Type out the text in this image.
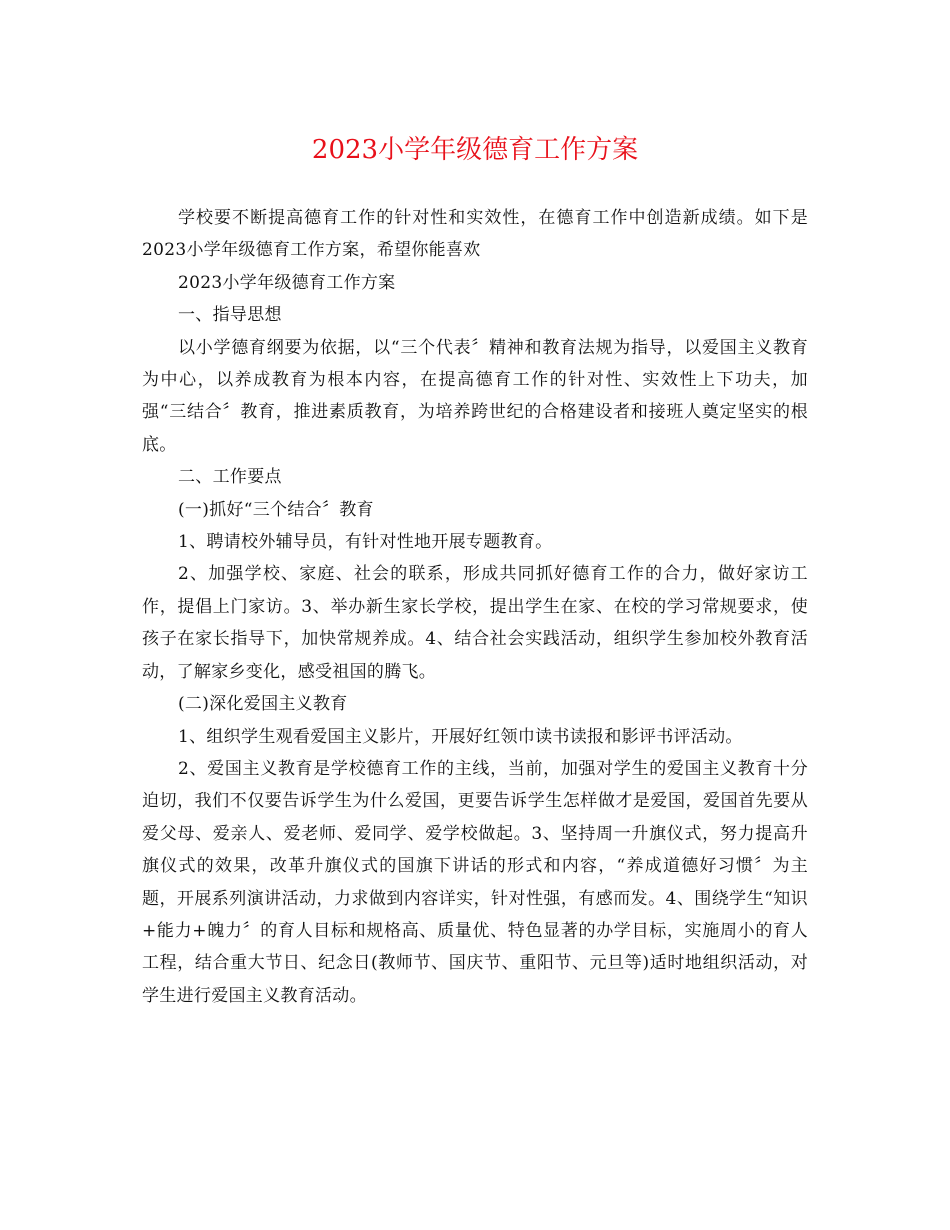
2023小学年级德育工作方案

学校要不断提高德育工作的针对性和实效性，在德育工作中创造新成绩。如下是2023小学年级德育工作方案，希望你能喜欢

2023小学年级德育工作方案

一、指导思想

以小学德育纲要为依据，以“三个代表〞精神和教育法规为指导，以爱国主义教育为中心，以养成教育为根本内容，在提高德育工作的针对性、实效性上下功夫，加强“三结合〞教育，推进素质教育，为培养跨世纪的合格建设者和接班人奠定坚实的根底。

二、工作要点

(一)抓好“三个结合〞教育

1、聘请校外辅导员，有针对性地开展专题教育。

2、加强学校、家庭、社会的联系，形成共同抓好德育工作的合力，做好家访工作，提倡上门家访。3、举办新生家长学校，提出学生在家、在校的学习常规要求，使孩子在家长指导下，加快常规养成。4、结合社会实践活动，组织学生参加校外教育活动，了解家乡变化，感受祖国的腾飞。

(二)深化爱国主义教育

1、组织学生观看爱国主义影片，开展好红领巾读书读报和影评书评活动。

2、爱国主义教育是学校德育工作的主线，当前，加强对学生的爱国主义教育十分迫切，我们不仅要告诉学生为什么爱国，更要告诉学生怎样做才是爱国，爱国首先要从爱父母、爱亲人、爱老师、爱同学、爱学校做起。3、坚持周一升旗仪式，努力提高升旗仪式的效果，改革升旗仪式的国旗下讲话的形式和内容，“养成道德好习惯〞为主题，开展系列演讲活动，力求做到内容详实，针对性强，有感而发。4、围绕学生“知识+能力+魄力〞的育人目标和规格高、质量优、特色显著的办学目标，实施周小的育人工程，结合重大节日、纪念日(教师节、国庆节、重阳节、元旦等)适时地组织活动，对学生进行爱国主义教育活动。
